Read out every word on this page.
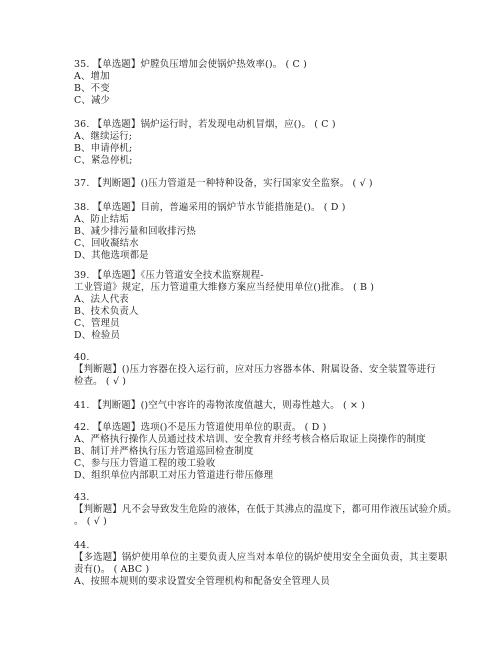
35. 【单选题】炉膛负压增加会使锅炉热效率()。 ( C )
A、增加
B、不变
C、减少
36. 【单选题】锅炉运行时，若发现电动机冒烟，应()。 ( C )
A、继续运行;
B、申请停机;
C、紧急停机;
37. 【判断题】()压力管道是一种特种设备，实行国家安全监察。 ( √ )
38. 【单选题】目前，普遍采用的锅炉节水节能措施是()。 ( D )
A、防止结垢
B、减少排污量和回收排污热
C、回收凝结水
D、其他选项都是
39. 【单选题】《压力管道安全技术监察规程-
工业管道》规定，压力管道重大维修方案应当经使用单位()批准。 ( B )
A、法人代表
B、技术负责人
C、管理员
D、检验员
40.
【判断题】()压力容器在投入运行前，应对压力容器本体、附属设备、安全装置等进行
检查。 ( √ )
41. 【判断题】()空气中容许的毒物浓度值越大，则毒性越大。 ( × )
42. 【单选题】选项()不是压力管道使用单位的职责。 ( D )
A、严格执行操作人员通过技术培训、安全教育并经考核合格后取证上岗操作的制度
B、制订并严格执行压力管道巡回检查制度
C、参与压力管道工程的竣工验收
D、组织单位内部职工对压力管道进行带压修理
43.
【判断题】凡不会导致发生危险的液体，在低于其沸点的温度下，都可用作液压试验介质。
。 ( √ )
44.
【多选题】锅炉使用单位的主要负责人应当对本单位的锅炉使用安全全面负责，其主要职
责有()。 ( ABC )
A、按照本规则的要求设置安全管理机构和配备安全管理人员
